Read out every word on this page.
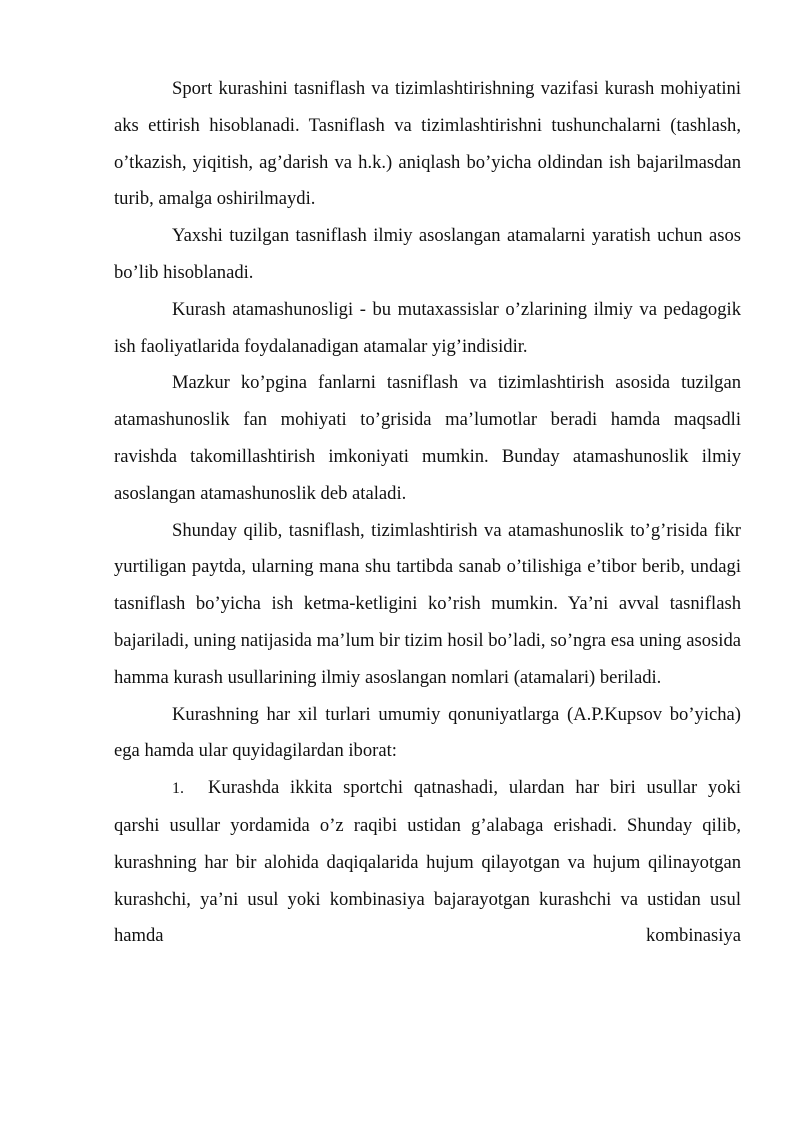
Sport kurashini tasniflash va tizimlashtirishning vazifasi kurash mohiyatini aks ettirish hisoblanadi. Tasniflash va tizimlashtirishni tushunchalarni (tashlash, o’tkazish, yiqitish, ag’darish va h.k.) aniqlash bo’yicha oldindan ish bajarilmasdan turib, amalga oshirilmaydi.

Yaxshi tuzilgan tasniflash ilmiy asoslangan atamalarni yaratish uchun asos bo’lib hisoblanadi.

Kurash atamashunosligi - bu mutaxassislar o’zlarining ilmiy va pedagogik ish faoliyatlarida foydalanadigan atamalar yig’indisidir.

Mazkur ko’pgina fanlarni tasniflash va tizimlashtirish asosida tuzilgan atamashunoslik fan mohiyati to’grisida ma’lumotlar beradi hamda maqsadli ravishda takomillashtirish imkoniyati mumkin. Bunday atamashunoslik ilmiy asoslangan atamashunoslik deb ataladi.

Shunday qilib, tasniflash, tizimlashtirish va atamashunoslik to’g’risida fikr yurtiligan paytda, ularning mana shu tartibda sanab o’tilishiga e’tibor berib, undagi tasniflash bo’yicha ish ketma-ketligini ko’rish mumkin. Ya’ni avval tasniflash bajariladi, uning natijasida ma’lum bir tizim hosil bo’ladi, so’ngra esa uning asosida hamma kurash usullarining ilmiy asoslangan nomlari (atamalari) beriladi.

Kurashning har xil turlari umumiy qonuniyatlarga (A.P.Kupsov bo’yicha) ega hamda ular quyidagilardan iborat:

1. Kurashda ikkita sportchi qatnashadi, ulardan har biri usullar yoki qarshi usullar yordamida o’z raqibi ustidan g’alabaga erishadi. Shunday qilib, kurashning har bir alohida daqiqalarida hujum qilayotgan va hujum qilinayotgan kurashchi, ya’ni usul yoki kombinasiya bajarayotgan kurashchi va ustidan usul hamda kombinasiya
